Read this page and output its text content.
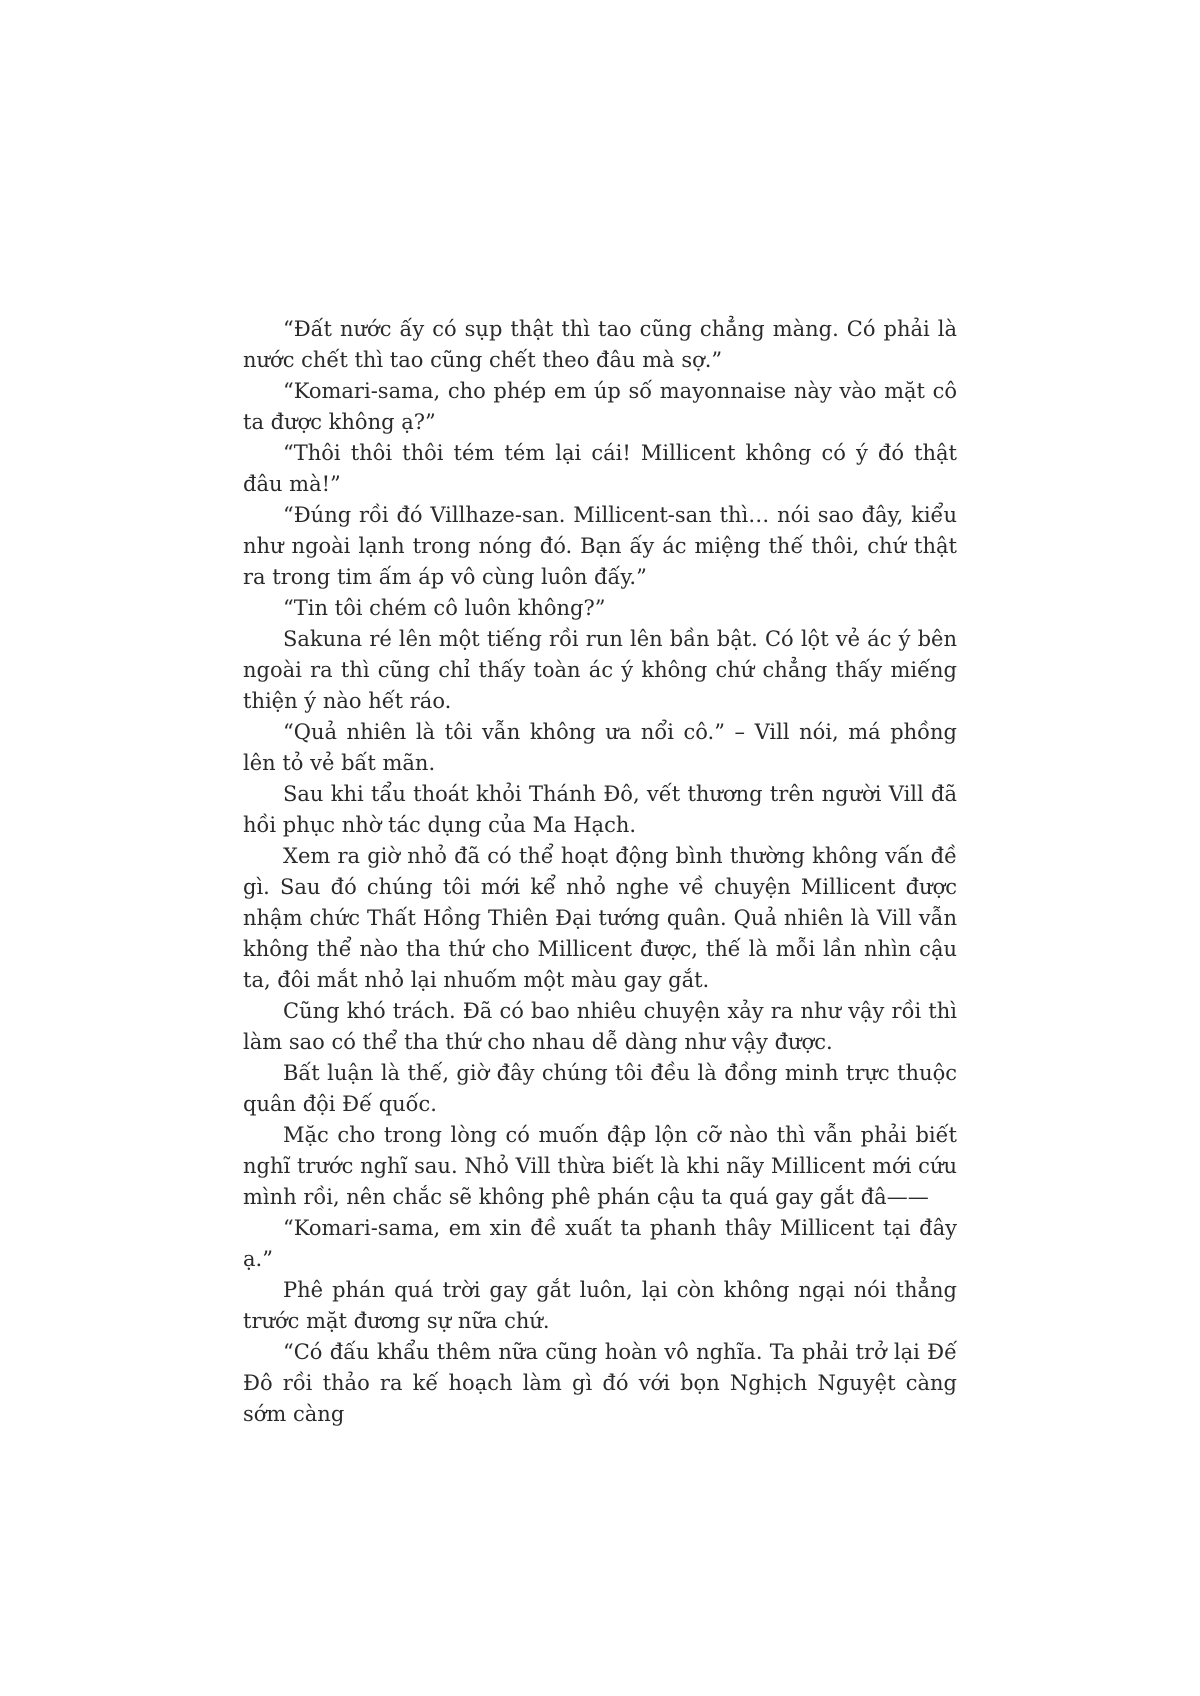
“Đất nước ấy có sụp thật thì tao cũng chẳng màng. Có phải là nước chết thì tao cũng chết theo đâu mà sợ.”

“Komari-sama, cho phép em úp số mayonnaise này vào mặt cô ta được không ạ?”

“Thôi thôi thôi tém tém lại cái! Millicent không có ý đó thật đâu mà!”

“Đúng rồi đó Villhaze-san. Millicent-san thì… nói sao đây, kiểu như ngoài lạnh trong nóng đó. Bạn ấy ác miệng thế thôi, chứ thật ra trong tim ấm áp vô cùng luôn đấy.”

“Tin tôi chém cô luôn không?”

Sakuna ré lên một tiếng rồi run lên bần bật. Có lột vẻ ác ý bên ngoài ra thì cũng chỉ thấy toàn ác ý không chứ chẳng thấy miếng thiện ý nào hết ráo.

“Quả nhiên là tôi vẫn không ưa nổi cô.” – Vill nói, má phồng lên tỏ vẻ bất mãn.

Sau khi tẩu thoát khỏi Thánh Đô, vết thương trên người Vill đã hồi phục nhờ tác dụng của Ma Hạch.

Xem ra giờ nhỏ đã có thể hoạt động bình thường không vấn đề gì. Sau đó chúng tôi mới kể nhỏ nghe về chuyện Millicent được nhậm chức Thất Hồng Thiên Đại tướng quân. Quả nhiên là Vill vẫn không thể nào tha thứ cho Millicent được, thế là mỗi lần nhìn cậu ta, đôi mắt nhỏ lại nhuốm một màu gay gắt.

Cũng khó trách. Đã có bao nhiêu chuyện xảy ra như vậy rồi thì làm sao có thể tha thứ cho nhau dễ dàng như vậy được.

Bất luận là thế, giờ đây chúng tôi đều là đồng minh trực thuộc quân đội Đế quốc.

Mặc cho trong lòng có muốn đập lộn cỡ nào thì vẫn phải biết nghĩ trước nghĩ sau. Nhỏ Vill thừa biết là khi nãy Millicent mới cứu mình rồi, nên chắc sẽ không phê phán cậu ta quá gay gắt đâ——

“Komari-sama, em xin đề xuất ta phanh thây Millicent tại đây ạ.”

Phê phán quá trời gay gắt luôn, lại còn không ngại nói thẳng trước mặt đương sự nữa chứ.

“Có đấu khẩu thêm nữa cũng hoàn vô nghĩa. Ta phải trở lại Đế Đô rồi thảo ra kế hoạch làm gì đó với bọn Nghịch Nguyệt càng sớm càng
